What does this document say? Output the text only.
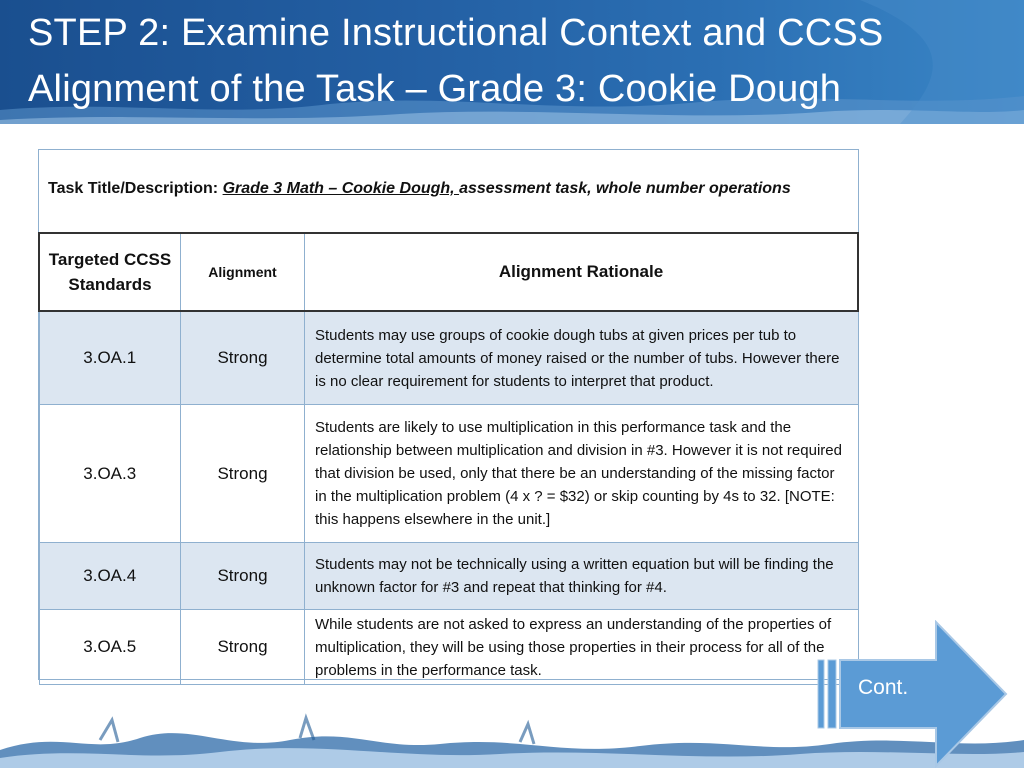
STEP 2: Examine Instructional Context and CCSS
Alignment of the Task – Grade 3: Cookie Dough
Task Title/Description: Grade 3 Math – Cookie Dough, assessment task, whole number operations
Targeted CCSS Standards	Alignment	Alignment Rationale
3.OA.1	Strong	Students may use groups of cookie dough tubs at given prices per tub to determine total amounts of money raised or the number of tubs. However there is no clear requirement for students to interpret that product.
3.OA.3	Strong	Students are likely to use multiplication in this performance task and the relationship between multiplication and division in #3. However it is not required that division be used, only that there be an understanding of the missing factor in the multiplication problem (4 x ? = $32) or skip counting by 4s to 32. [NOTE: this happens elsewhere in the unit.]
3.OA.4	Strong	Students may not be technically using a written equation but will be finding the unknown factor for #3 and repeat that thinking for #4.
3.OA.5	Strong	While students are not asked to express an understanding of the properties of multiplication, they will be using those properties in their process for all of the problems in the performance task.
Cont.
